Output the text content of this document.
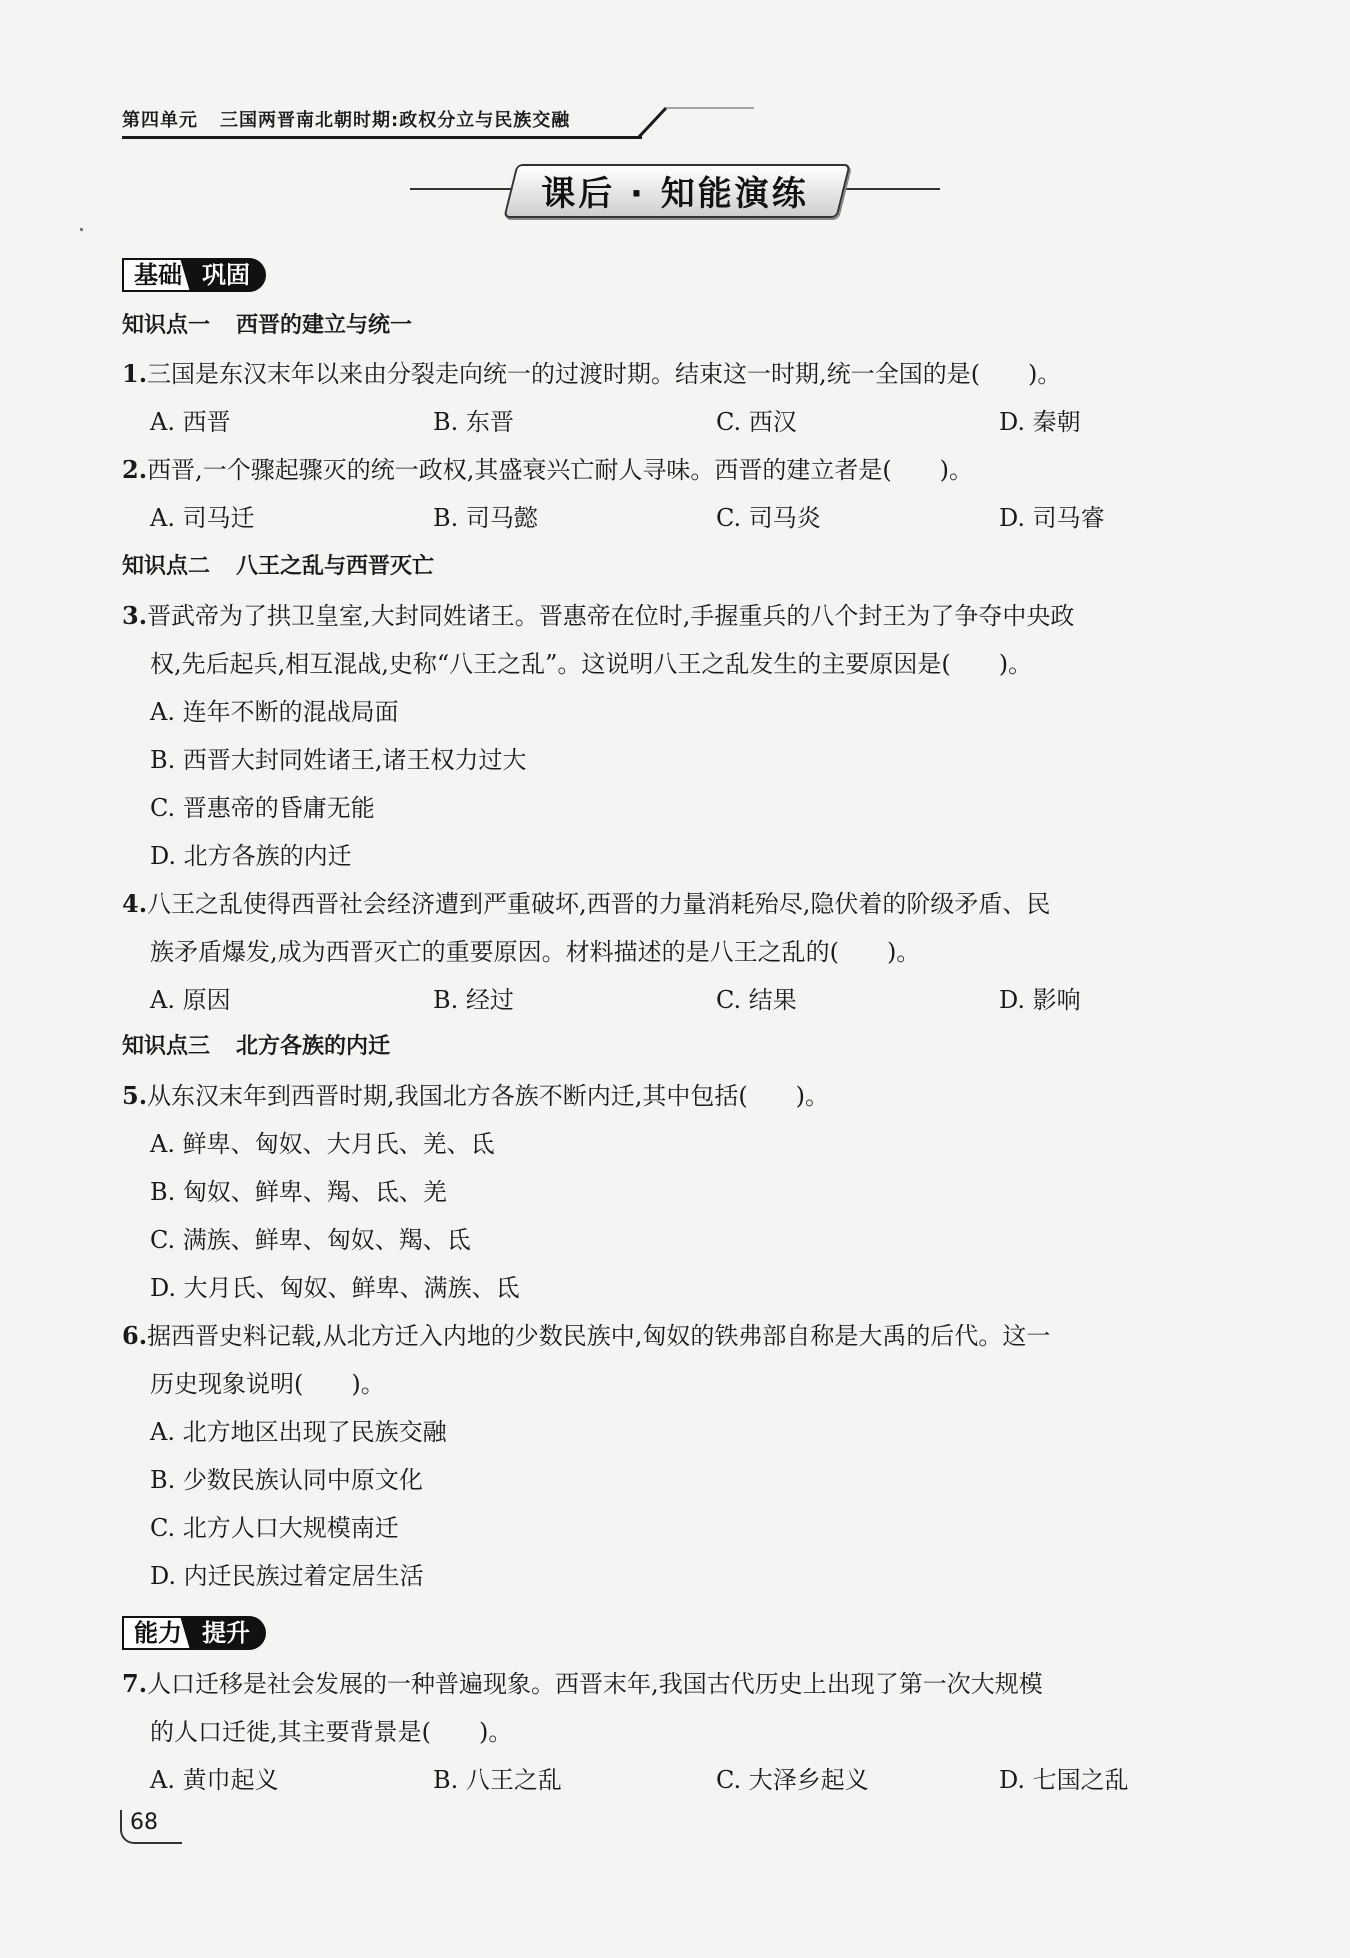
第四单元 三国两晋南北朝时期:政权分立与民族交融
课后 · 知能演练
基础 巩固
知识点一 西晋的建立与统一
1.三国是东汉末年以来由分裂走向统一的过渡时期。结束这一时期,统一全国的是(　　)。
A. 西晋	B. 东晋	C. 西汉	D. 秦朝
2.西晋,一个骤起骤灭的统一政权,其盛衰兴亡耐人寻味。西晋的建立者是(　　)。
A. 司马迁	B. 司马懿	C. 司马炎	D. 司马睿
知识点二 八王之乱与西晋灭亡
3.晋武帝为了拱卫皇室,大封同姓诸王。晋惠帝在位时,手握重兵的八个封王为了争夺中央政
权,先后起兵,相互混战,史称“八王之乱”。这说明八王之乱发生的主要原因是(　　)。
A. 连年不断的混战局面
B. 西晋大封同姓诸王,诸王权力过大
C. 晋惠帝的昏庸无能
D. 北方各族的内迁
4.八王之乱使得西晋社会经济遭到严重破坏,西晋的力量消耗殆尽,隐伏着的阶级矛盾、民
族矛盾爆发,成为西晋灭亡的重要原因。材料描述的是八王之乱的(　　)。
A. 原因	B. 经过	C. 结果	D. 影响
知识点三 北方各族的内迁
5.从东汉末年到西晋时期,我国北方各族不断内迁,其中包括(　　)。
A. 鲜卑、匈奴、大月氏、羌、氐
B. 匈奴、鲜卑、羯、氐、羌
C. 满族、鲜卑、匈奴、羯、氐
D. 大月氏、匈奴、鲜卑、满族、氐
6.据西晋史料记载,从北方迁入内地的少数民族中,匈奴的铁弗部自称是大禹的后代。这一
历史现象说明(　　)。
A. 北方地区出现了民族交融
B. 少数民族认同中原文化
C. 北方人口大规模南迁
D. 内迁民族过着定居生活
能力 提升
7.人口迁移是社会发展的一种普遍现象。西晋末年,我国古代历史上出现了第一次大规模
的人口迁徙,其主要背景是(　　)。
A. 黄巾起义	B. 八王之乱	C. 大泽乡起义	D. 七国之乱
68
